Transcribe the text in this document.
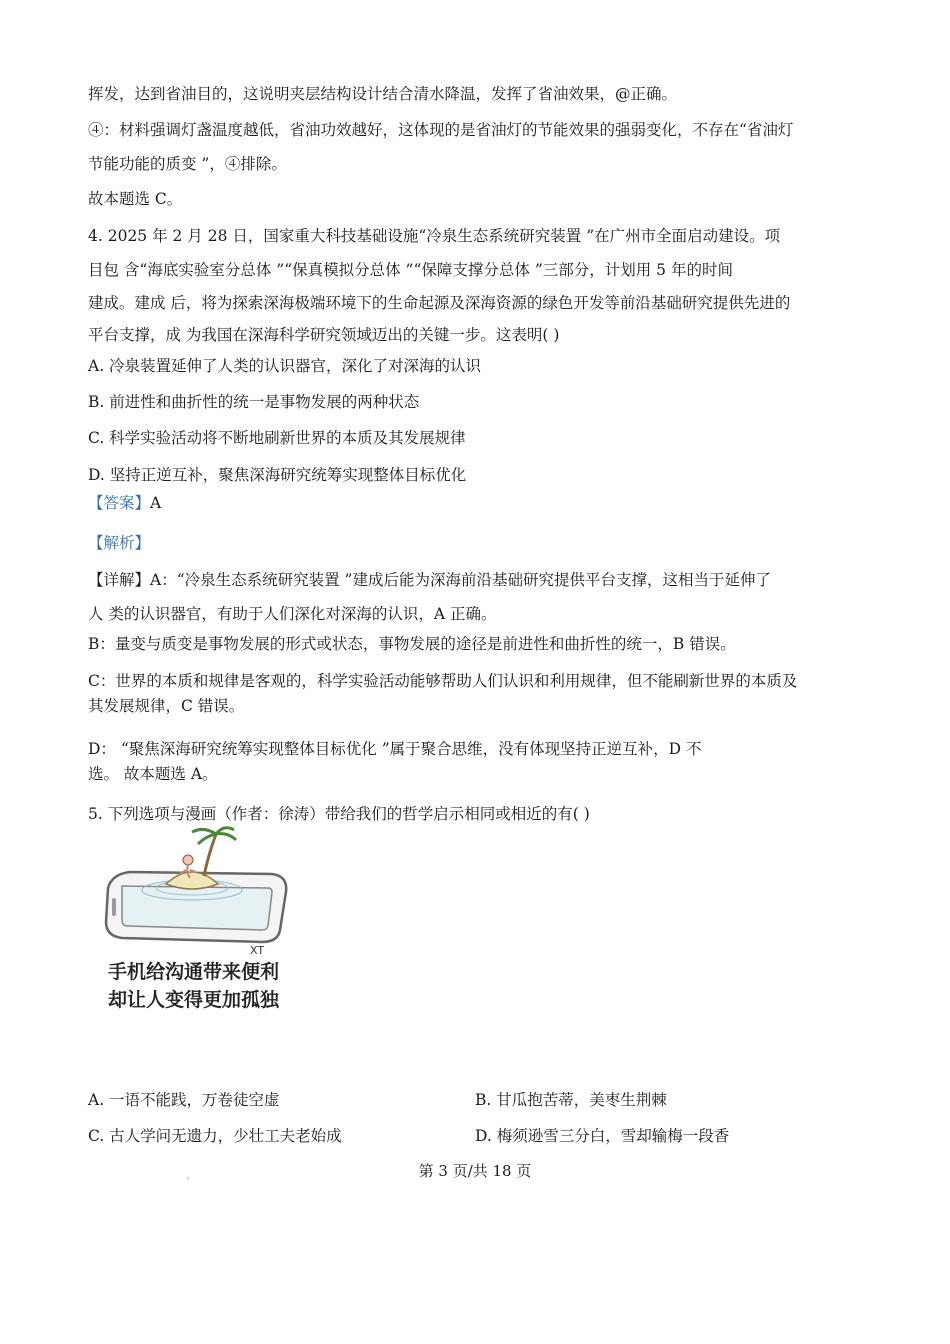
挥发，达到省油目的，这说明夹层结构设计结合清水降温，发挥了省油效果，@正确。
④：材料强调灯盏温度越低，省油功效越好，这体现的是省油灯的节能效果的强弱变化，不存在“省油灯
节能功能的质变 ”，④排除。
故本题选 C。
4. 2025 年 2 月 28 日，国家重大科技基础设施“冷泉生态系统研究装置 ”在广州市全面启动建设。项
目包 含“海底实验室分总体 ”“保真模拟分总体 ”“保障支撑分总体 ”三部分，计划用 5 年的时间
建成。建成 后，将为探索深海极端环境下的生命起源及深海资源的绿色开发等前沿基础研究提供先进的
平台支撑，成 为我国在深海科学研究领域迈出的关键一步。这表明( )
A. 冷泉装置延伸了人类的认识器官，深化了对深海的认识
B. 前进性和曲折性的统一是事物发展的两种状态
C. 科学实验活动将不断地刷新世界的本质及其发展规律
D. 坚持正逆互补，聚焦深海研究统筹实现整体目标优化
【答案】A
【解析】
【详解】A：“冷泉生态系统研究装置 ”建成后能为深海前沿基础研究提供平台支撑，这相当于延伸了
人 类的认识器官，有助于人们深化对深海的认识，A 正确。
B：量变与质变是事物发展的形式或状态，事物发展的途径是前进性和曲折性的统一，B 错误。
C：世界的本质和规律是客观的，科学实验活动能够帮助人们认识和利用规律，但不能刷新世界的本质及
其发展规律，C 错误。
D： “聚焦深海研究统筹实现整体目标优化 ”属于聚合思维，没有体现坚持正逆互补，D 不
选。 故本题选 A。
5. 下列选项与漫画（作者：徐涛）带给我们的哲学启示相同或相近的有( )
XT
手机给沟通带来便利
却让人变得更加孤独
A. 一语不能践，万卷徒空虚	B. 甘瓜抱苦蒂，美枣生荆棘
C. 古人学问无遗力，少壮工夫老始成	D. 梅须逊雪三分白，雪却输梅一段香
。	第 3 页/共 18 页
